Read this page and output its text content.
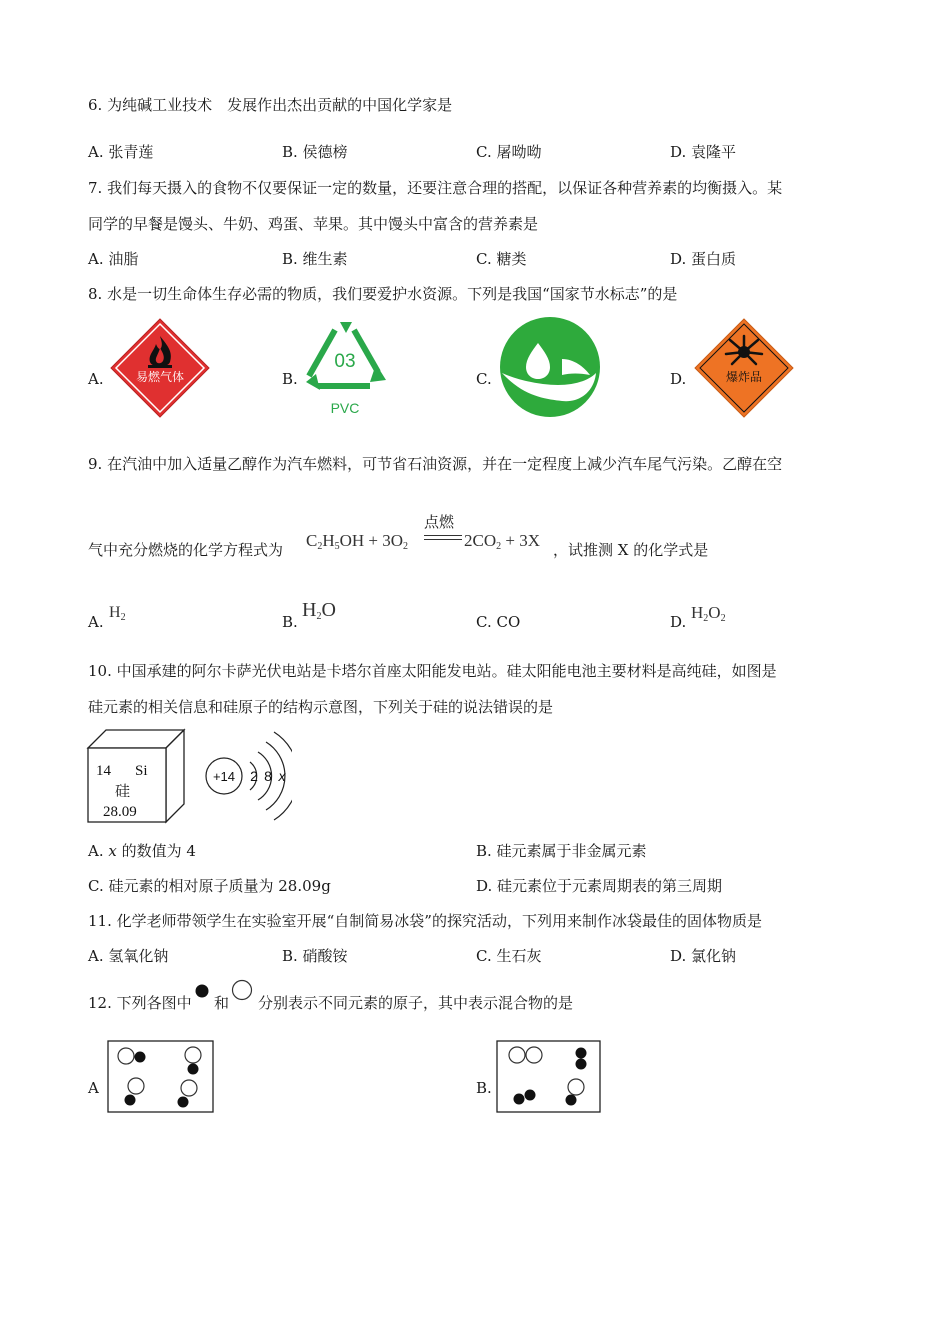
6. 为纯碱工业技术　发展作出杰出贡献的中国化学家是
A. 张青莲	B. 侯德榜	C. 屠呦呦	D. 袁隆平
7. 我们每天摄入的食物不仅要保证一定的数量，还要注意合理的搭配，以保证各种营养素的均衡摄入。某
同学的早餐是馒头、牛奶、鸡蛋、苹果。其中馒头中富含的营养素是
A. 油脂	B. 维生素	C. 糖类	D. 蛋白质
8. 水是一切生命体生存必需的物质，我们要爱护水资源。下列是我国“国家节水标志”的是
A.	B.	C.	D.
易燃气体
03
PVC
爆炸品
9. 在汽油中加入适量乙醇作为汽车燃料，可节省石油资源，并在一定程度上减少汽车尾气污染。乙醇在空
气中充分燃烧的化学方程式为 $C_2H_5OH + 3O_2$
点燃
$2CO_2 + 3X$ ，试推测 X 的化学式是
A.
$H_2$	B.
$H_2O$
C. CO	D. $H_2O_2$
10. 中国承建的阿尔卡萨光伏电站是卡塔尔首座太阳能发电站。硅太阳能电池主要材料是高纯硅，如图是
硅元素的相关信息和硅原子的结构示意图，下列关于硅的说法错误的是
14 Si
硅
28.09
+14 2 8 x
A. x 的数值为 4	B. 硅元素属于非金属元素
C. 硅元素的相对原子质量为 28.09g	D. 硅元素位于元素周期表的第三周期
11. 化学老师带领学生在实验室开展“自制简易冰袋”的探究活动，下列用来制作冰袋最佳的固体物质是
A. 氢氧化钠	B. 硝酸铵	C. 生石灰	D. 氯化钠
12. 下列各图中 和 分别表示不同元素的原子，其中表示混合物的是
A	B.
